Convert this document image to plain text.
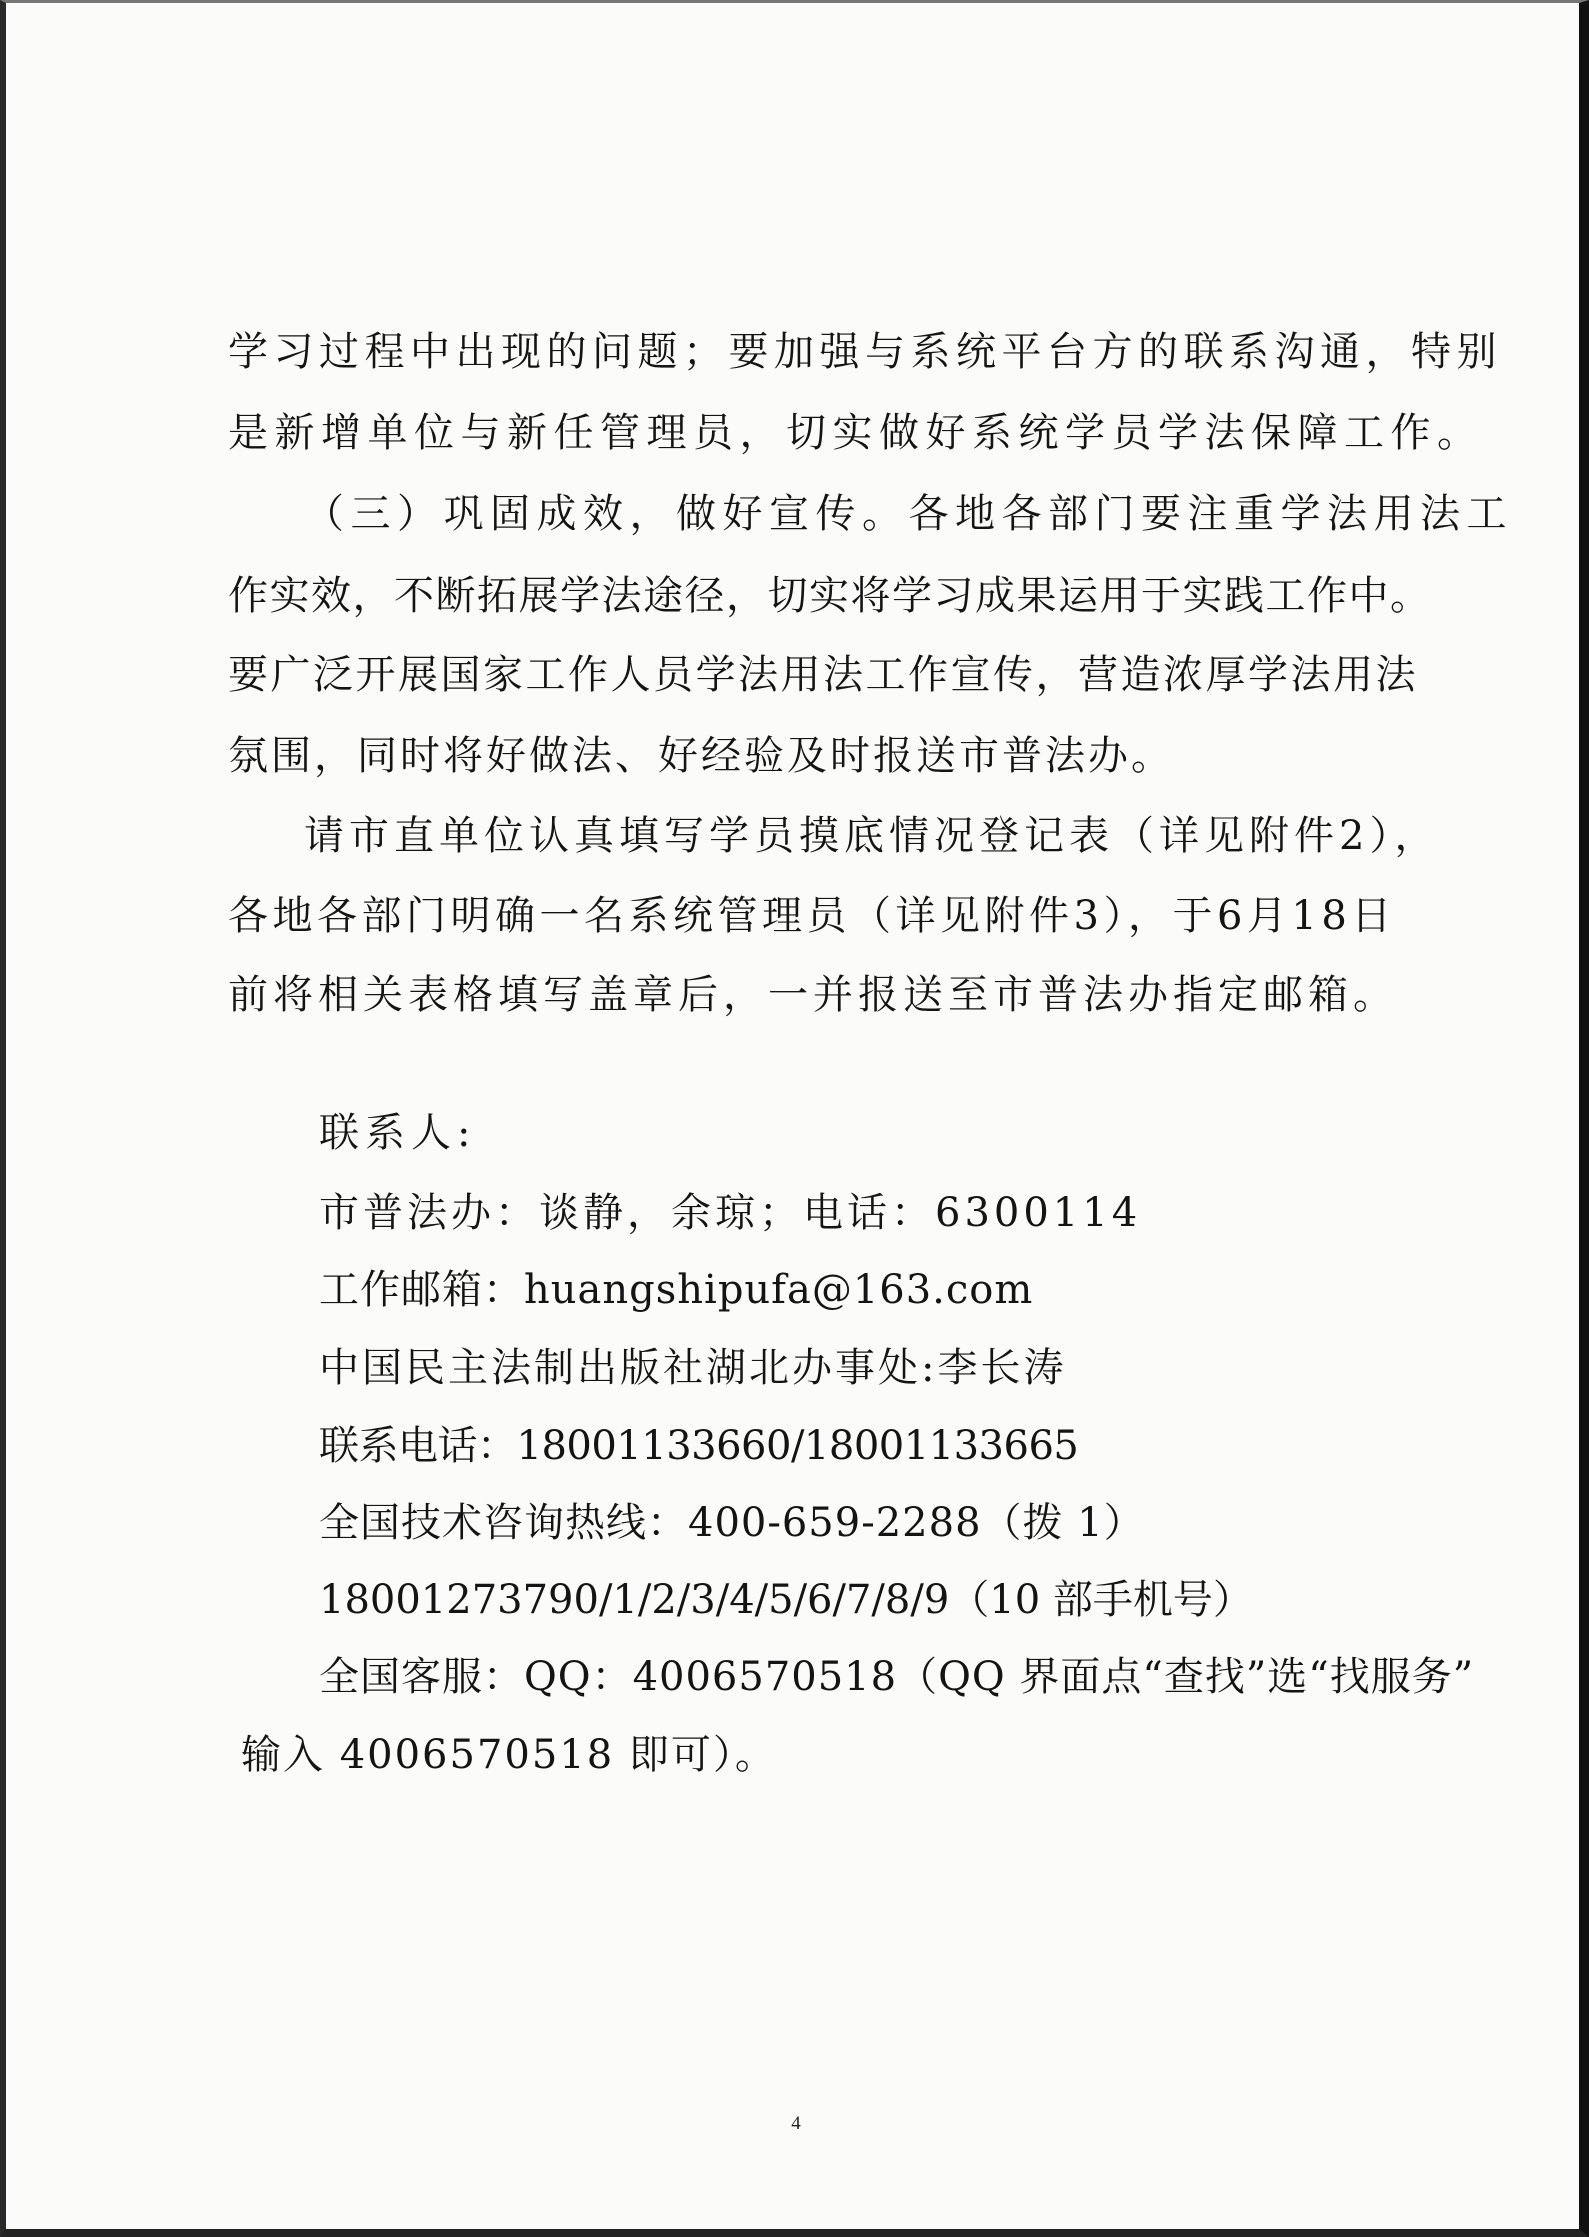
学习过程中出现的问题；要加强与系统平台方的联系沟通，特别
是新增单位与新任管理员，切实做好系统学员学法保障工作。
（三）巩固成效，做好宣传。各地各部门要注重学法用法工
作实效，不断拓展学法途径，切实将学习成果运用于实践工作中。
要广泛开展国家工作人员学法用法工作宣传，营造浓厚学法用法
氛围，同时将好做法、好经验及时报送市普法办。
请市直单位认真填写学员摸底情况登记表（详见附件2），
各地各部门明确一名系统管理员（详见附件3），于6月18日
前将相关表格填写盖章后，一并报送至市普法办指定邮箱。
联系人:
市普法办：谈静，余琼；电话：6300114
工作邮箱：huangshipufa@163.com
中国民主法制出版社湖北办事处:李长涛
联系电话：18001133660/18001133665
全国技术咨询热线：400-659-2288（拨 1）
18001273790/1/2/3/4/5/6/7/8/9（10 部手机号）
全国客服：QQ：4006570518（QQ 界面点“查找”选“找服务”
输入 4006570518 即可）。
4
